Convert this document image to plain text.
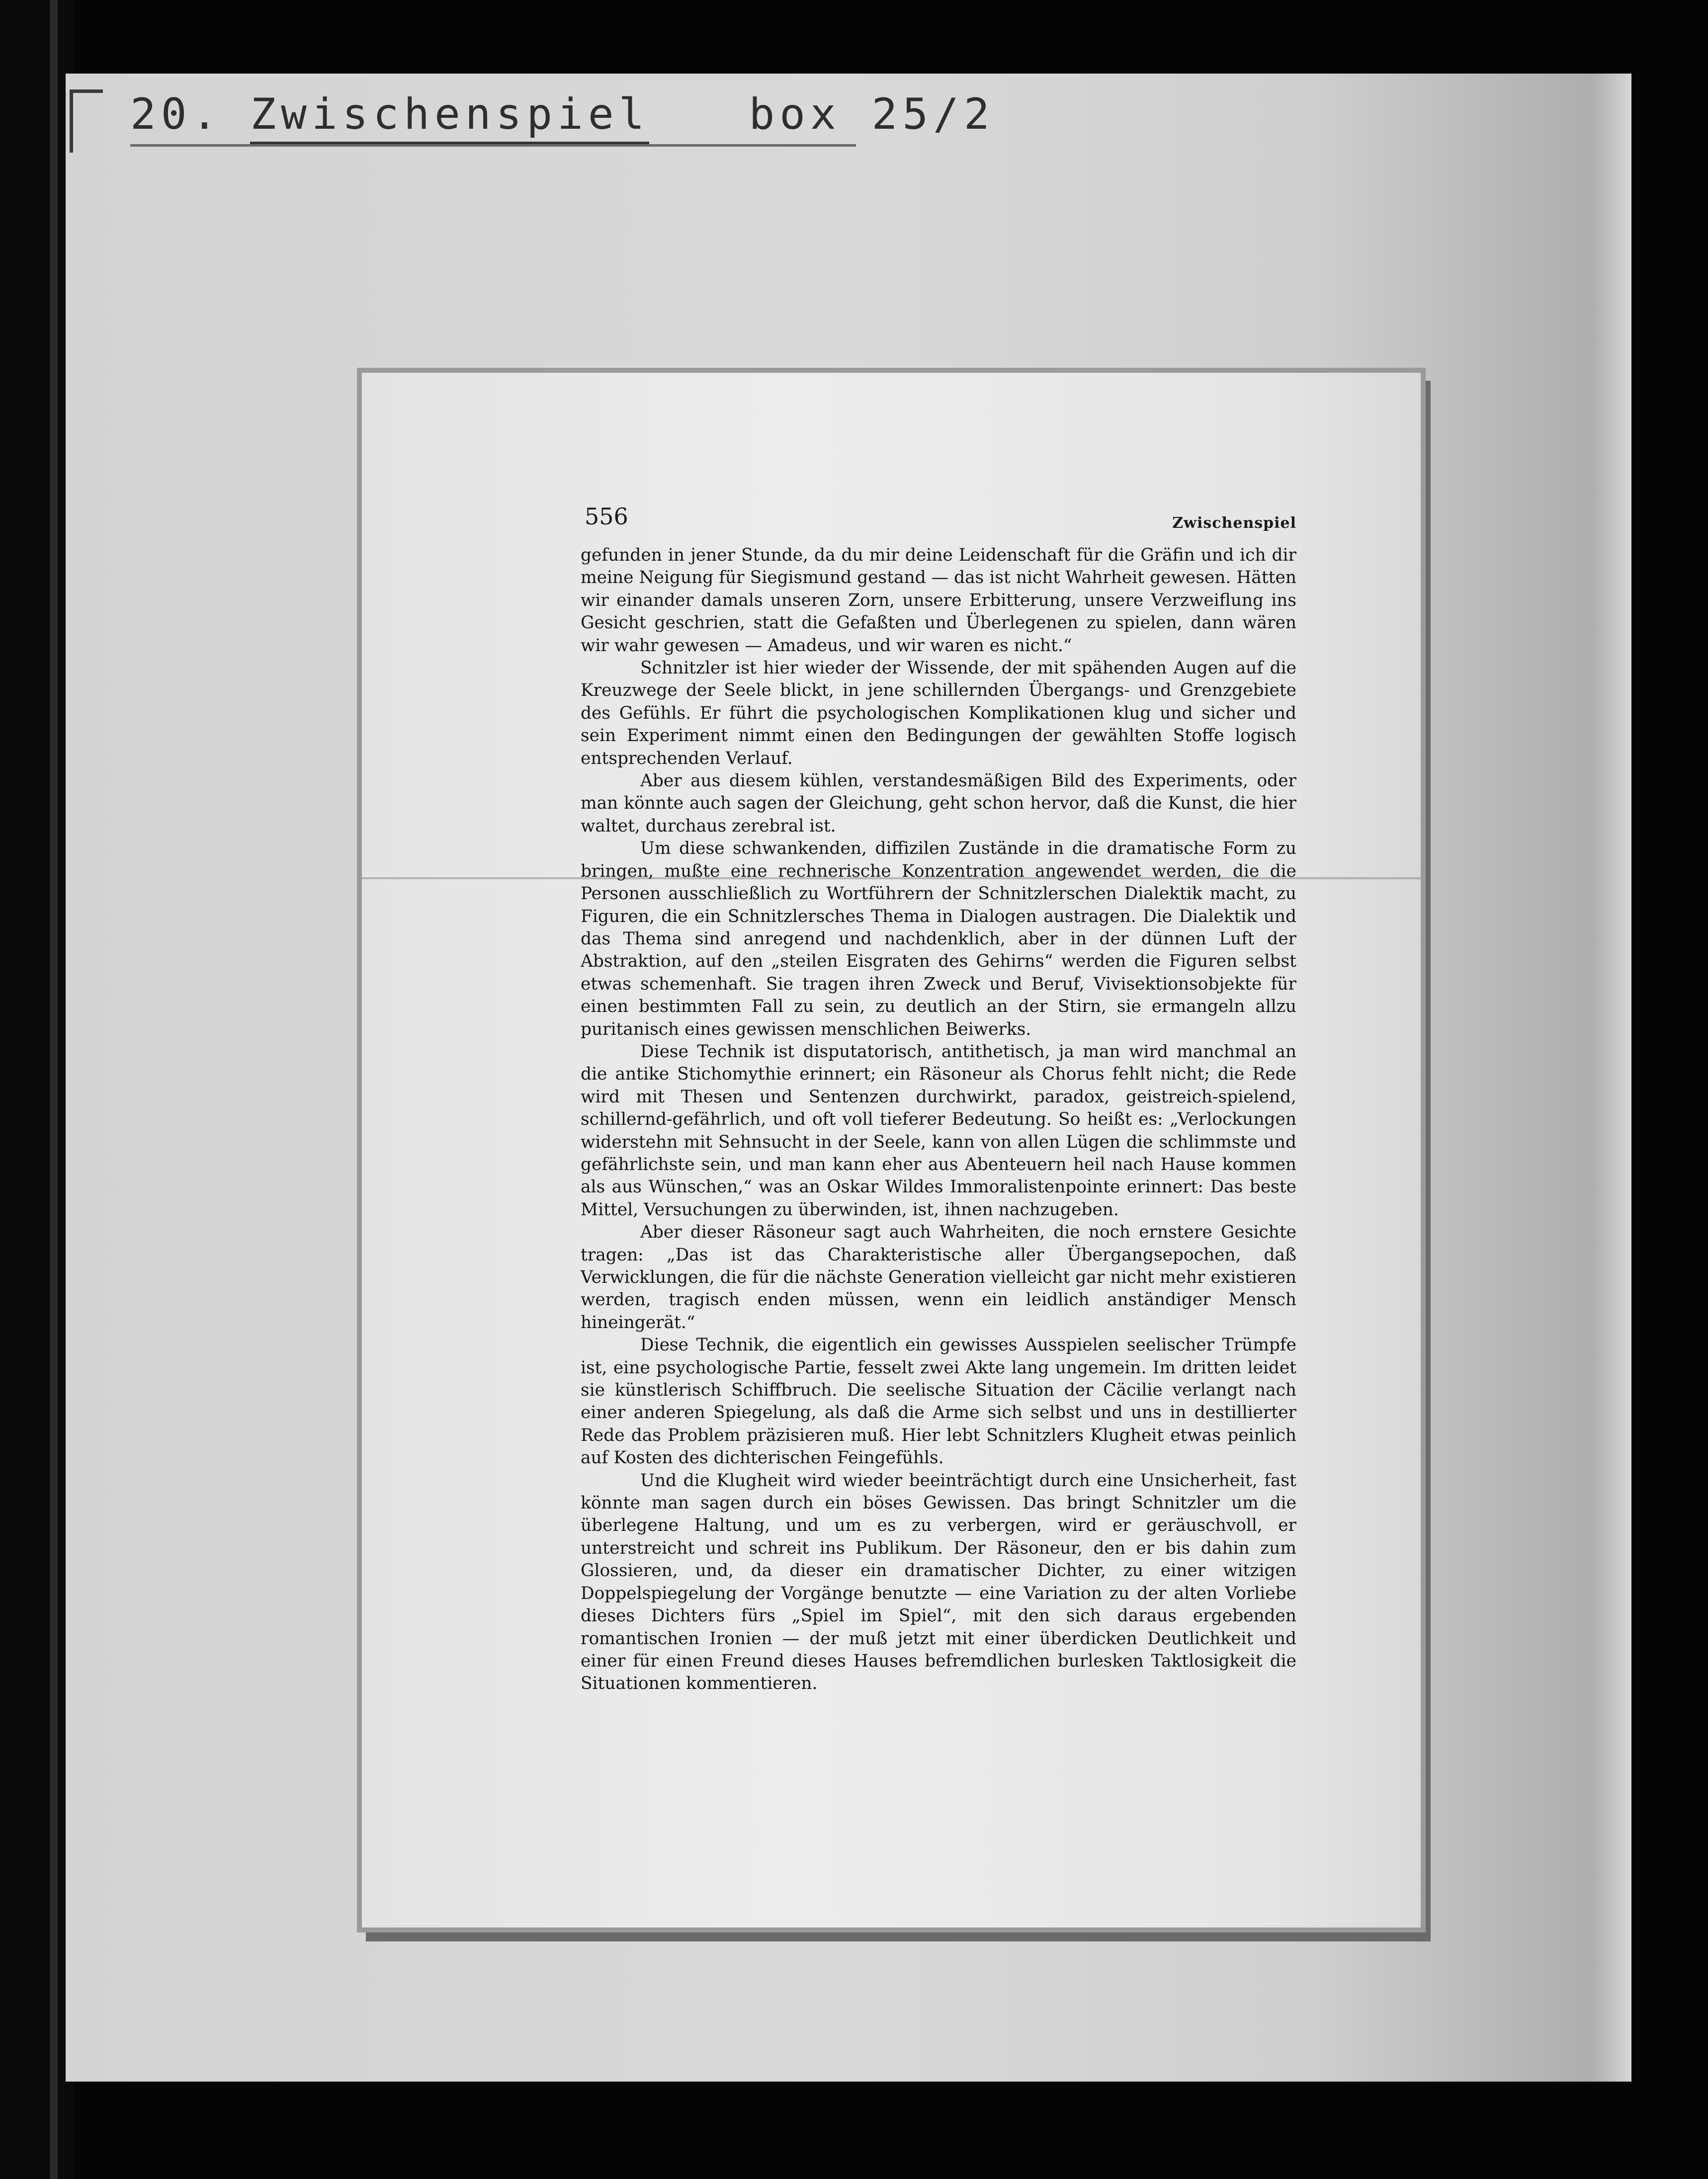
20. Zwischenspiel box 25/2
556	Zwischenspiel

gefunden in jener Stunde, da du mir deine Leidenschaft für die Gräfin und ich dir meine Neigung für Siegismund gestand — das ist nicht Wahrheit gewesen. Hätten wir einander damals unseren Zorn, unsere Erbitterung, unsere Verzweiflung ins Gesicht geschrien, statt die Gefaßten und Überlegenen zu spielen, dann wären wir wahr gewesen — Amadeus, und wir waren es nicht.“

Schnitzler ist hier wieder der Wissende, der mit spähenden Augen auf die Kreuzwege der Seele blickt, in jene schillernden Übergangs- und Grenzgebiete des Gefühls. Er führt die psychologischen Komplikationen klug und sicher und sein Experiment nimmt einen den Bedingungen der gewählten Stoffe logisch entsprechenden Verlauf.

Aber aus diesem kühlen, verstandesmäßigen Bild des Experiments, oder man könnte auch sagen der Gleichung, geht schon hervor, daß die Kunst, die hier waltet, durchaus zerebral ist.

Um diese schwankenden, diffizilen Zustände in die dramatische Form zu bringen, mußte eine rechnerische Konzentration angewendet werden, die die Personen ausschließlich zu Wortführern der Schnitzlerschen Dialektik macht, zu Figuren, die ein Schnitzlersches Thema in Dialogen austragen. Die Dialektik und das Thema sind anregend und nachdenklich, aber in der dünnen Luft der Abstraktion, auf den „steilen Eisgraten des Gehirns“ werden die Figuren selbst etwas schemenhaft. Sie tragen ihren Zweck und Beruf, Vivisektionsobjekte für einen bestimmten Fall zu sein, zu deutlich an der Stirn, sie ermangeln allzu puritanisch eines gewissen menschlichen Beiwerks.

Diese Technik ist disputatorisch, antithetisch, ja man wird manchmal an die antike Stichomythie erinnert; ein Räsoneur als Chorus fehlt nicht; die Rede wird mit Thesen und Sentenzen durchwirkt, paradox, geistreich-spielend, schillernd-gefährlich, und oft voll tieferer Bedeutung. So heißt es: „Verlockungen widerstehn mit Sehnsucht in der Seele, kann von allen Lügen die schlimmste und gefährlichste sein, und man kann eher aus Abenteuern heil nach Hause kommen als aus Wünschen,“ was an Oskar Wildes Immoralistenpointe erinnert: Das beste Mittel, Versuchungen zu überwinden, ist, ihnen nachzugeben.

Aber dieser Räsoneur sagt auch Wahrheiten, die noch ernstere Gesichte tragen: „Das ist das Charakteristische aller Übergangsepochen, daß Verwicklungen, die für die nächste Generation vielleicht gar nicht mehr existieren werden, tragisch enden müssen, wenn ein leidlich anständiger Mensch hineingerät.“

Diese Technik, die eigentlich ein gewisses Ausspielen seelischer Trümpfe ist, eine psychologische Partie, fesselt zwei Akte lang ungemein. Im dritten leidet sie künstlerisch Schiffbruch. Die seelische Situation der Cäcilie verlangt nach einer anderen Spiegelung, als daß die Arme sich selbst und uns in destillierter Rede das Problem präzisieren muß. Hier lebt Schnitzlers Klugheit etwas peinlich auf Kosten des dichterischen Feingefühls.

Und die Klugheit wird wieder beeinträchtigt durch eine Unsicherheit, fast könnte man sagen durch ein böses Gewissen. Das bringt Schnitzler um die überlegene Haltung, und um es zu verbergen, wird er geräuschvoll, er unterstreicht und schreit ins Publikum. Der Räsoneur, den er bis dahin zum Glossieren, und, da dieser ein dramatischer Dichter, zu einer witzigen Doppelspiegelung der Vorgänge benutzte — eine Variation zu der alten Vorliebe dieses Dichters fürs „Spiel im Spiel“, mit den sich daraus ergebenden romantischen Ironien — der muß jetzt mit einer überdicken Deutlichkeit und einer für einen Freund dieses Hauses befremdlichen burlesken Taktlosigkeit die Situationen kommentieren.
